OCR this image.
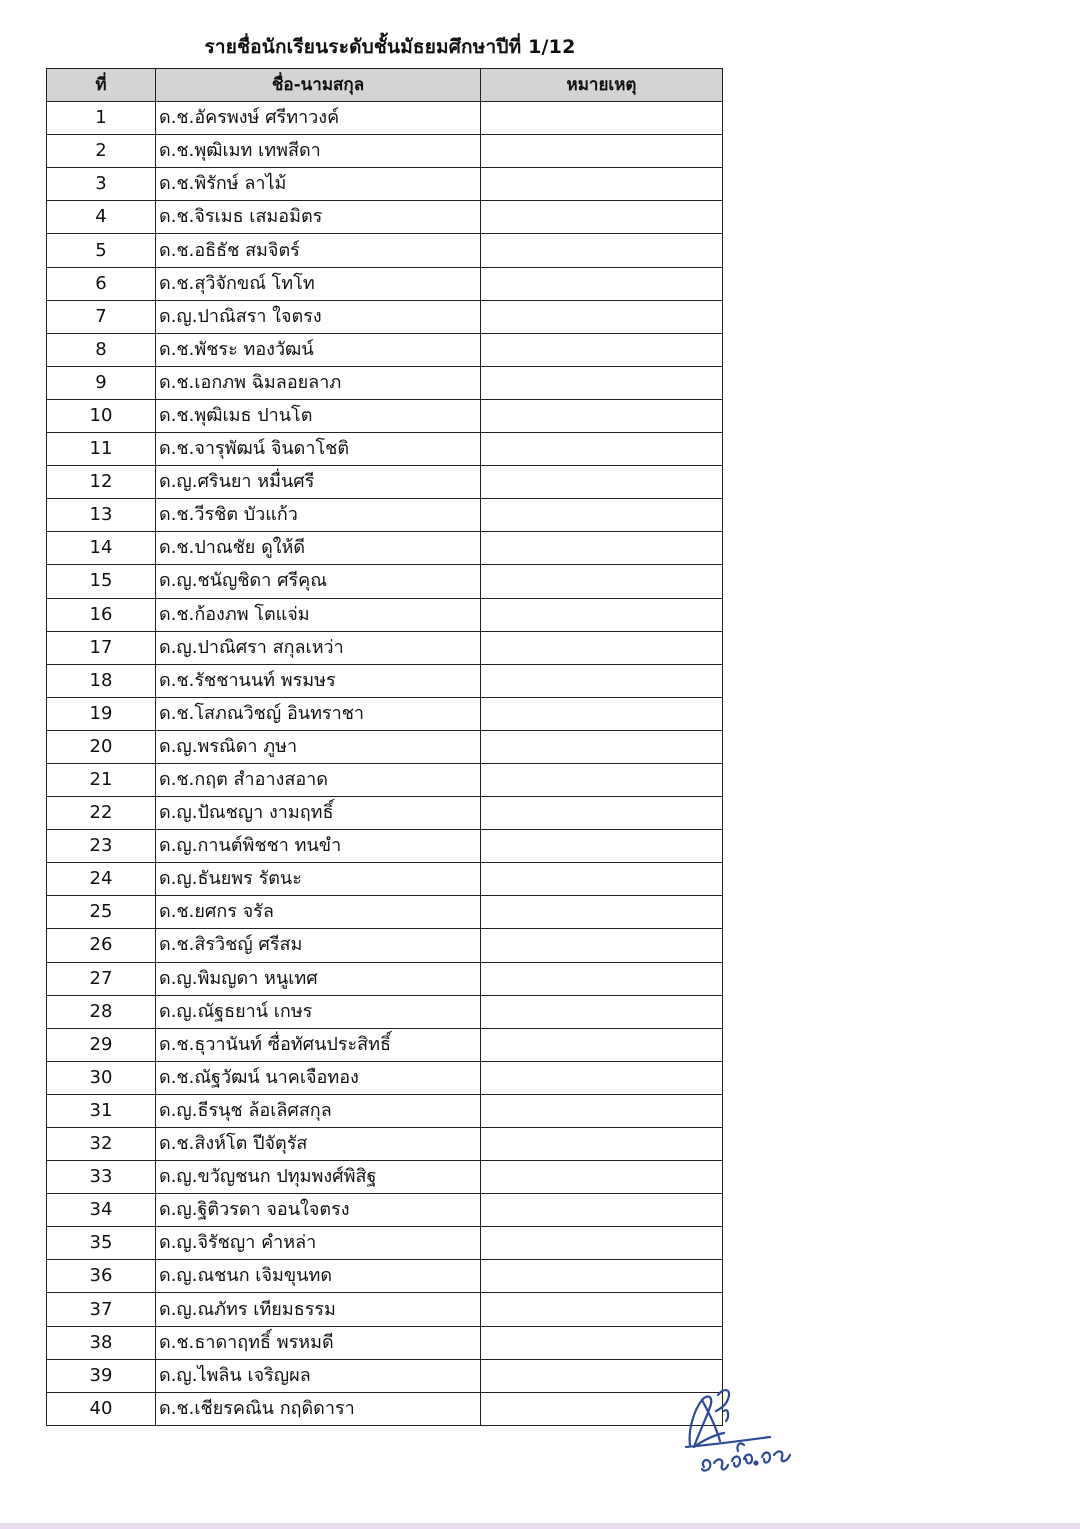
รายชื่อนักเรียนระดับชั้นมัธยมศึกษาปีที่ 1/12
ที่	ชื่อ-นามสกุล	หมายเหตุ
1	ด.ช.อัครพงษ์ ศรีทาวงค์	
2	ด.ช.พุฒิเมท เทพสีดา	
3	ด.ช.พิรักษ์ ลาไม้	
4	ด.ช.จิรเมธ เสมอมิตร	
5	ด.ช.อธิธัช สมจิตร์	
6	ด.ช.สุวิจักขณ์ โทโท	
7	ด.ญ.ปาณิสรา ใจตรง	
8	ด.ช.พัชระ ทองวัฒน์	
9	ด.ช.เอกภพ ฉิมลอยลาภ	
10	ด.ช.พุฒิเมธ ปานโต	
11	ด.ช.จารุพัฒน์ จินดาโชติ	
12	ด.ญ.ศรินยา หมื่นศรี	
13	ด.ช.วีรชิต บัวแก้ว	
14	ด.ช.ปาณชัย ดูให้ดี	
15	ด.ญ.ชนัญชิดา ศรีคุณ	
16	ด.ช.ก้องภพ โตแจ่ม	
17	ด.ญ.ปาณิศรา สกุลเหว่า	
18	ด.ช.รัชชานนท์ พรมษร	
19	ด.ช.โสภณวิชญ์ อินทราชา	
20	ด.ญ.พรณิดา ภูษา	
21	ด.ช.กฤต สำอางสอาด	
22	ด.ญ.ปัณชญา งามฤทธิ์	
23	ด.ญ.กานต์พิชชา ทนขำ	
24	ด.ญ.ธันยพร รัตนะ	
25	ด.ช.ยศกร จรัล	
26	ด.ช.สิรวิชญ์ ศรีสม	
27	ด.ญ.พิมญดา หนูเทศ	
28	ด.ญ.ณัฐธยาน์ เกษร	
29	ด.ช.ธุวานันท์ ซื่อทัศนประสิทธิ์	
30	ด.ช.ณัฐวัฒน์ นาคเจือทอง	
31	ด.ญ.ธีรนุช ล้อเลิศสกุล	
32	ด.ช.สิงห์โต ปีจัตุรัส	
33	ด.ญ.ขวัญชนก ปทุมพงศ์พิสิฐ	
34	ด.ญ.ฐิติวรดา จอนใจตรง	
35	ด.ญ.จิรัชญา คำหล่า	
36	ด.ญ.ณชนก เจิมขุนทด	
37	ด.ญ.ณภัทร เทียมธรรม	
38	ด.ช.ธาดาฤทธิ์ พรหมดี	
39	ด.ญ.ไพลิน เจริญผล	
40	ด.ช.เชียรคณิน กฤดิดารา	
